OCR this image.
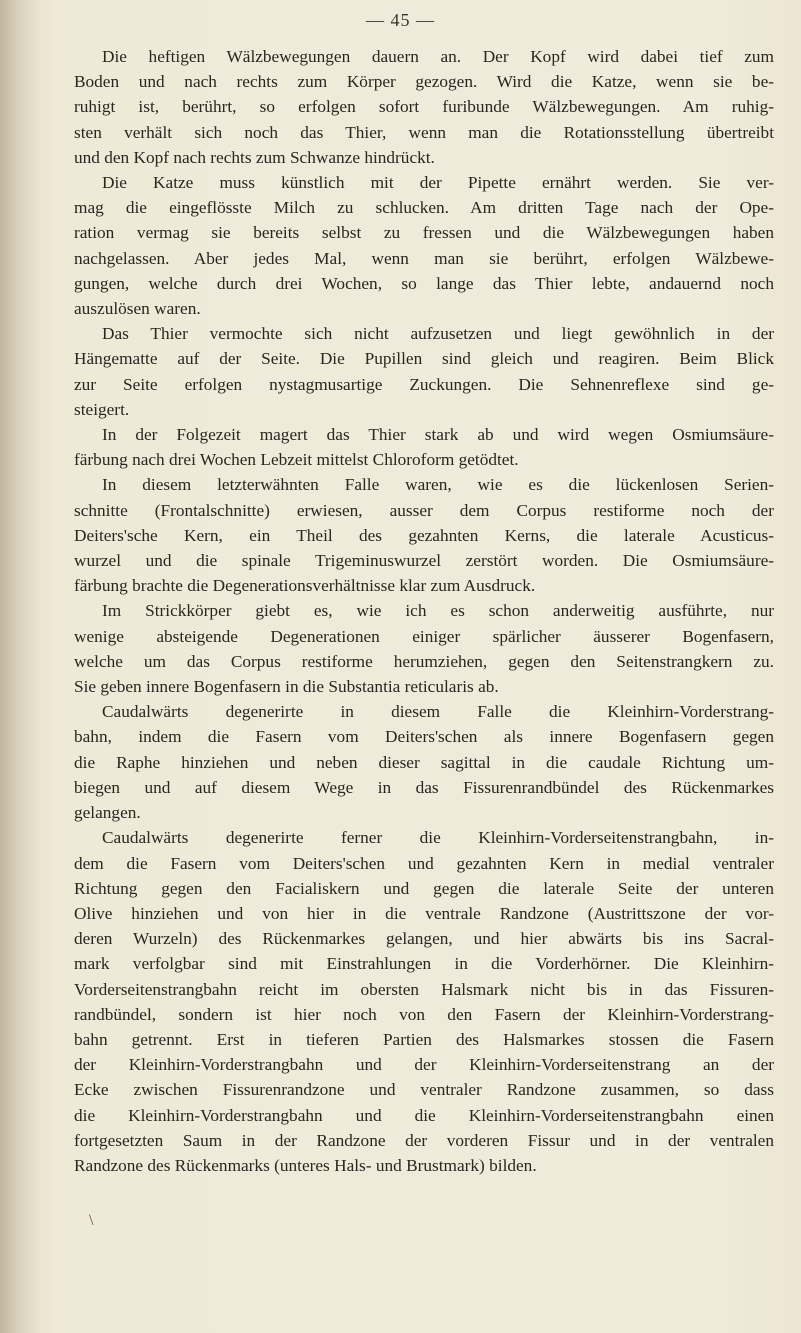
— 45 —

Die heftigen Wälzbewegungen dauern an. Der Kopf wird dabei tief zum

Boden und nach rechts zum Körper gezogen. Wird die Katze, wenn sie be-

ruhigt ist, berührt, so erfolgen sofort furibunde Wälzbewegungen. Am ruhig-

sten verhält sich noch das Thier, wenn man die Rotationsstellung übertreibt

und den Kopf nach rechts zum Schwanze hindrückt.

Die Katze muss künstlich mit der Pipette ernährt werden. Sie ver-

mag die eingeflösste Milch zu schlucken. Am dritten Tage nach der Ope-

ration vermag sie bereits selbst zu fressen und die Wälzbewegungen haben

nachgelassen. Aber jedes Mal, wenn man sie berührt, erfolgen Wälzbewe-

gungen, welche durch drei Wochen, so lange das Thier lebte, andauernd noch

auszulösen waren.

Das Thier vermochte sich nicht aufzusetzen und liegt gewöhnlich in der

Hängematte auf der Seite. Die Pupillen sind gleich und reagiren. Beim Blick

zur Seite erfolgen nystagmusartige Zuckungen. Die Sehnenreflexe sind ge-

steigert.

In der Folgezeit magert das Thier stark ab und wird wegen Osmiumsäure-

färbung nach drei Wochen Lebzeit mittelst Chloroform getödtet.

In diesem letzterwähnten Falle waren, wie es die lückenlosen Serien-

schnitte (Frontalschnitte) erwiesen, ausser dem Corpus restiforme noch der

Deiters'sche Kern, ein Theil des gezahnten Kerns, die laterale Acusticus-

wurzel und die spinale Trigeminuswurzel zerstört worden. Die Osmiumsäure-

färbung brachte die Degenerationsverhältnisse klar zum Ausdruck.

Im Strickkörper giebt es, wie ich es schon anderweitig ausführte, nur

wenige absteigende Degenerationen einiger spärlicher äusserer Bogenfasern,

welche um das Corpus restiforme herumziehen, gegen den Seitenstrangkern zu.

Sie geben innere Bogenfasern in die Substantia reticularis ab.

Caudalwärts degenerirte in diesem Falle die Kleinhirn-Vorderstrang-

bahn, indem die Fasern vom Deiters'schen als innere Bogenfasern gegen

die Raphe hinziehen und neben dieser sagittal in die caudale Richtung um-

biegen und auf diesem Wege in das Fissurenrandbündel des Rückenmarkes

gelangen.

Caudalwärts degenerirte ferner die Kleinhirn-Vorderseitenstrangbahn, in-

dem die Fasern vom Deiters'schen und gezahnten Kern in medial ventraler

Richtung gegen den Facialiskern und gegen die laterale Seite der unteren

Olive hinziehen und von hier in die ventrale Randzone (Austrittszone der vor-

deren Wurzeln) des Rückenmarkes gelangen, und hier abwärts bis ins Sacral-

mark verfolgbar sind mit Einstrahlungen in die Vorderhörner. Die Kleinhirn-

Vorderseitenstrangbahn reicht im obersten Halsmark nicht bis in das Fissuren-

randbündel, sondern ist hier noch von den Fasern der Kleinhirn-Vorderstrang-

bahn getrennt. Erst in tieferen Partien des Halsmarkes stossen die Fasern

der Kleinhirn-Vorderstrangbahn und der Kleinhirn-Vorderseitenstrang an der

Ecke zwischen Fissurenrandzone und ventraler Randzone zusammen, so dass

die Kleinhirn-Vorderstrangbahn und die Kleinhirn-Vorderseitenstrangbahn einen

fortgesetzten Saum in der Randzone der vorderen Fissur und in der ventralen

Randzone des Rückenmarks (unteres Hals- und Brustmark) bilden.

\
